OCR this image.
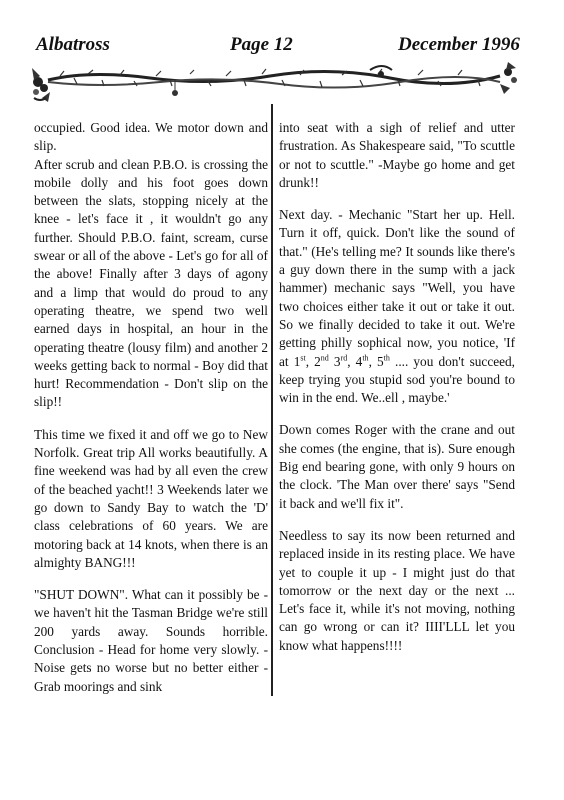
Albatross	Page 12	December 1996

occupied. Good idea. We motor down and slip.

After scrub and clean P.B.O. is crossing the mobile dolly and his foot goes down between the slats, stopping nicely at the knee - let's face it , it wouldn't go any further. Should P.B.O. faint, scream, curse swear or all of the above - Let's go for all of the above! Finally after 3 days of agony and a limp that would do proud to any operating theatre, we spend two well earned days in hospital, an hour in the operating theatre (lousy film) and another 2 weeks getting back to normal - Boy did that hurt! Recommendation - Don't slip on the slip!!

This time we fixed it and off we go to New Norfolk. Great trip All works beautifully. A fine weekend was had by all even the crew of the beached yacht!! 3 Weekends later we go down to Sandy Bay to watch the 'D' class celebrations of 60 years. We are motoring back at 14 knots, when there is an almighty BANG!!!

"SHUT DOWN". What can it possibly be - we haven't hit the Tasman Bridge we're still 200 yards away. Sounds horrible. Conclusion - Head for home very slowly. - Noise gets no worse but no better either - Grab moorings and sink

into seat with a sigh of relief and utter frustration. As Shakespeare said, "To scuttle or not to scuttle." -Maybe go home and get drunk!!

Next day. - Mechanic "Start her up. Hell. Turn it off, quick. Don't like the sound of that." (He's telling me? It sounds like there's a guy down there in the sump with a jack hammer) mechanic says "Well, you have two choices either take it out or take it out. So we finally decided to take it out. We're getting philly sophical now, you notice, 'If at 1st, 2nd 3rd, 4th, 5th .... you don't succeed, keep trying you stupid sod you're bound to win in the end. We..ell , maybe.'

Down comes Roger with the crane and out she comes (the engine, that is). Sure enough Big end bearing gone, with only 9 hours on the clock. 'The Man over there' says "Send it back and we'll fix it".

Needless to say its now been returned and replaced inside in its resting place. We have yet to couple it up - I might just do that tomorrow or the next day or the next ... Let's face it, while it's not moving, nothing can go wrong or can it? IIII'LLL let you know what happens!!!!
